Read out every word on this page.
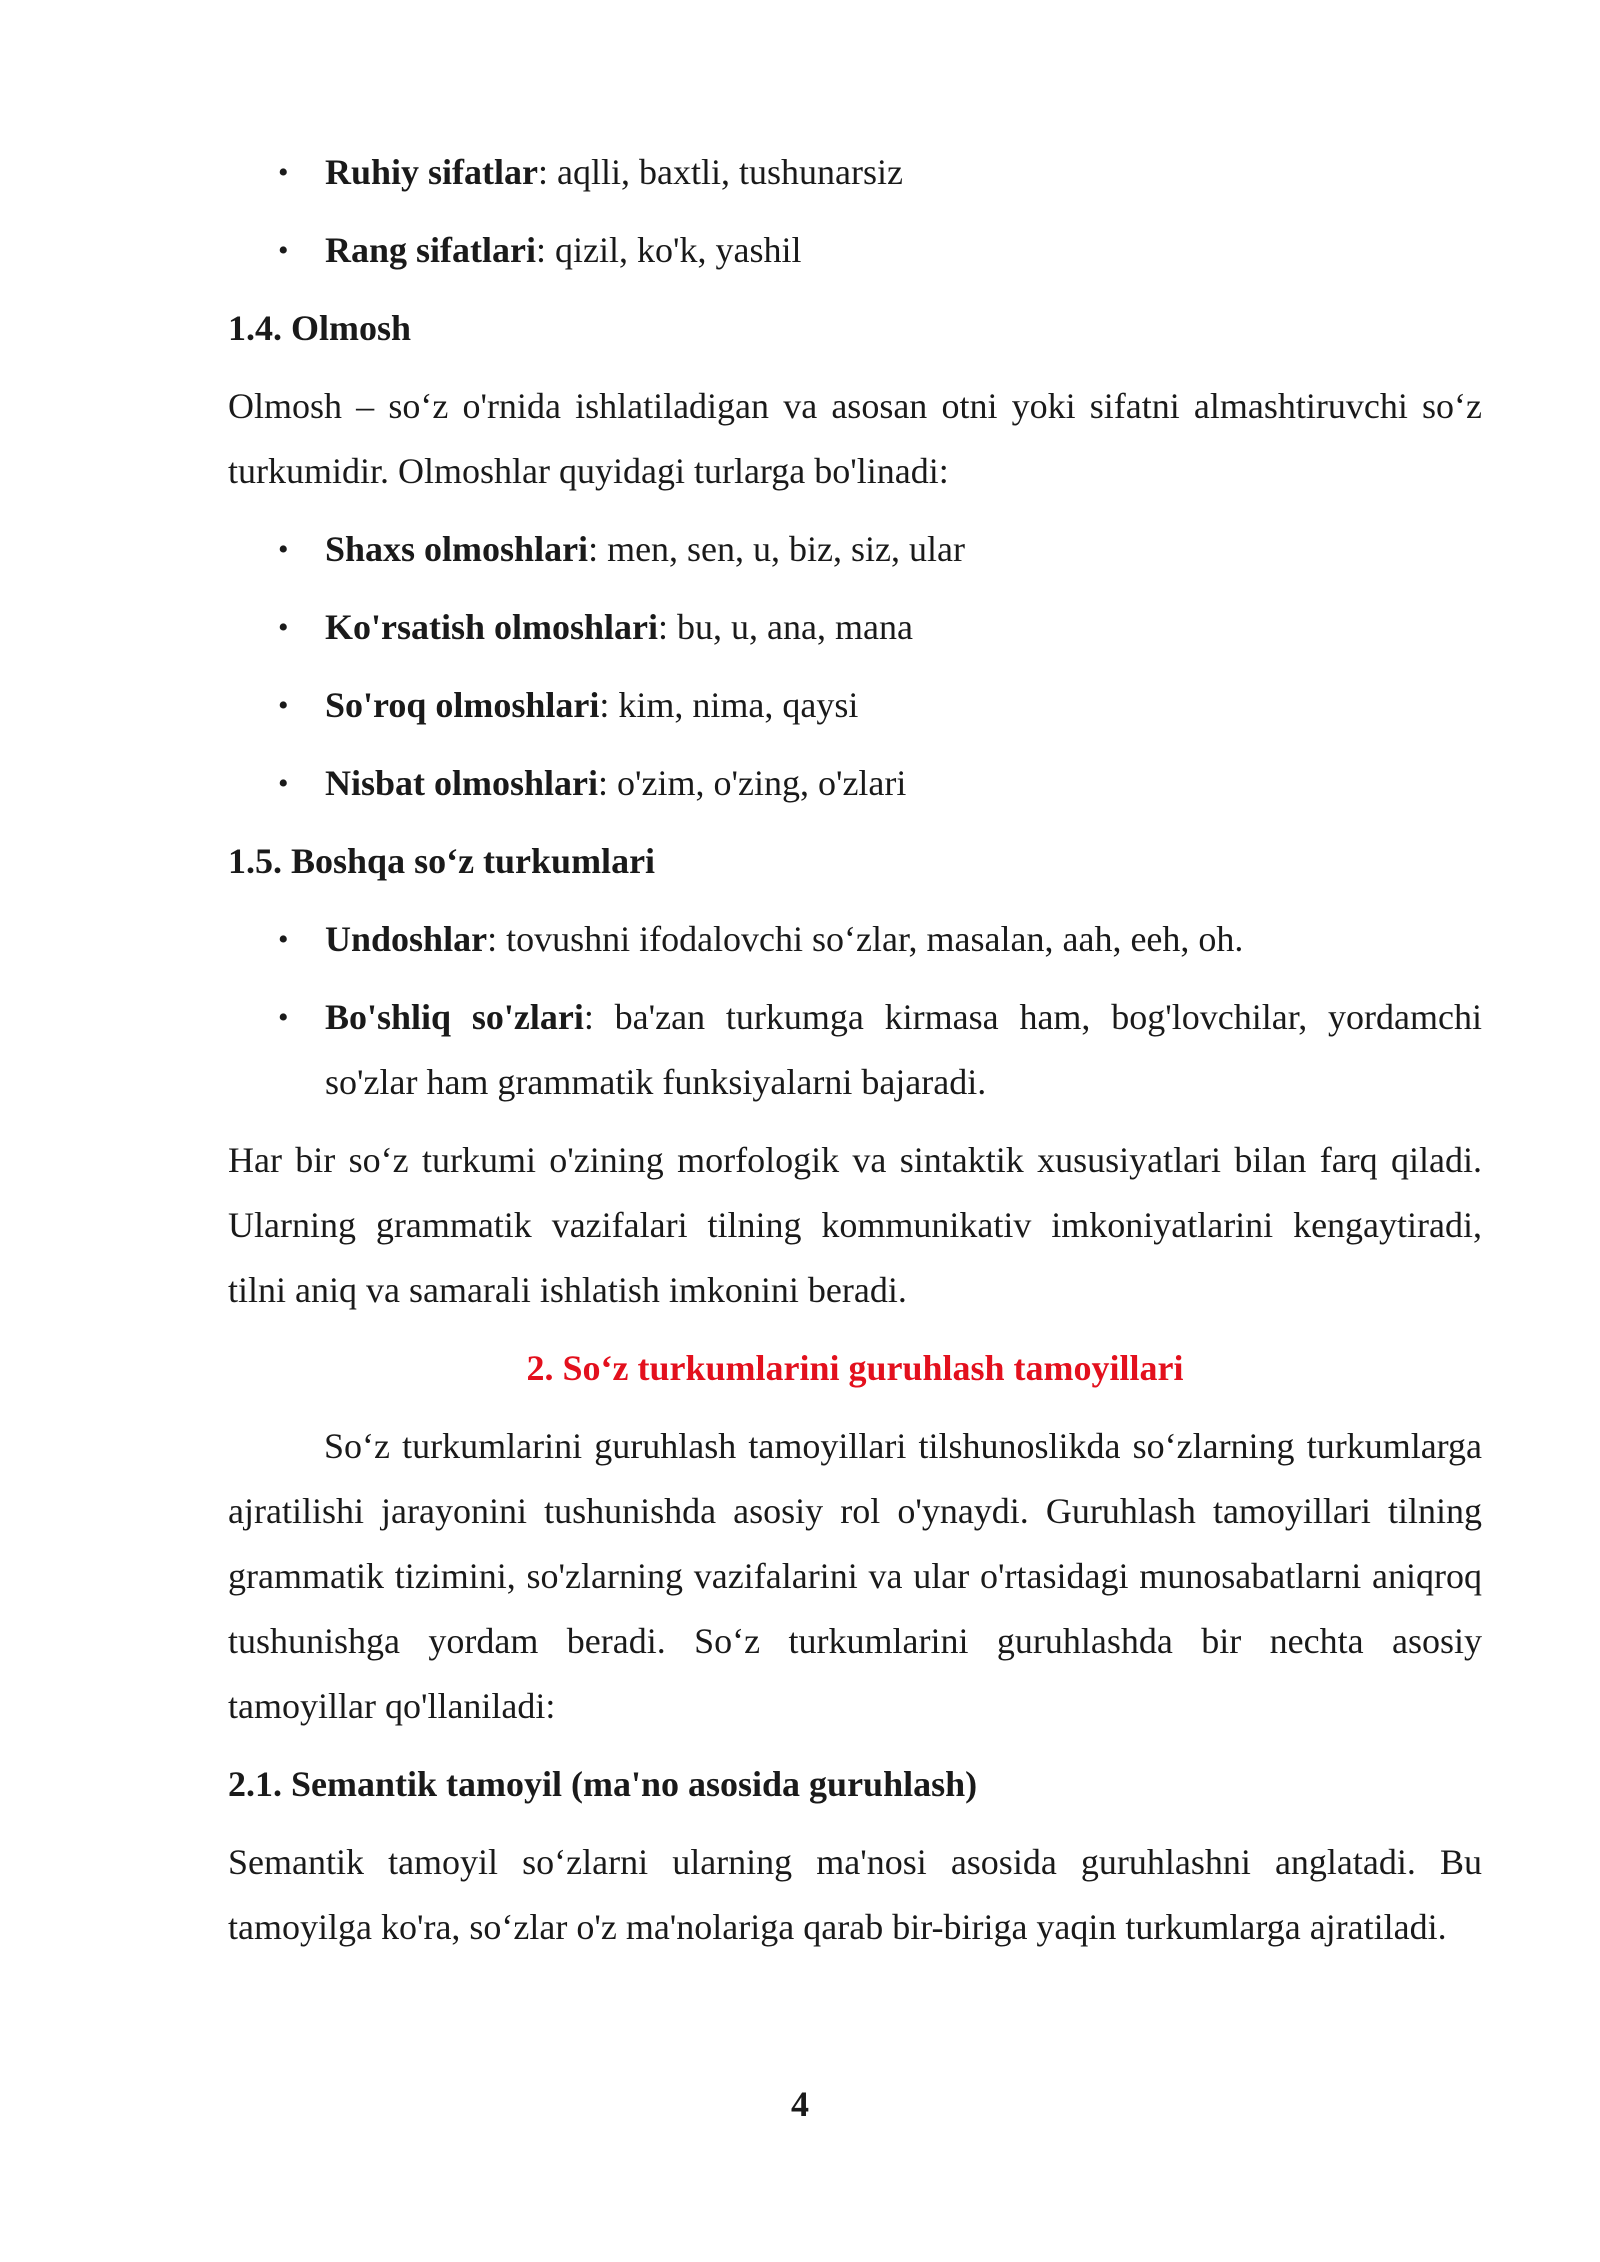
• Ruhiy sifatlar: aqlli, baxtli, tushunarsiz
• Rang sifatlari: qizil, ko'k, yashil
1.4. Olmosh

Olmosh – so‘z o'rnida ishlatiladigan va asosan otni yoki sifatni almashtiruvchi so‘z turkumidir. Olmoshlar quyidagi turlarga bo'linadi:

• Shaxs olmoshlari: men, sen, u, biz, siz, ular
• Ko'rsatish olmoshlari: bu, u, ana, mana
• So'roq olmoshlari: kim, nima, qaysi
• Nisbat olmoshlari: o'zim, o'zing, o'zlari
1.5. Boshqa so‘z turkumlari
• Undoshlar: tovushni ifodalovchi so‘zlar, masalan, aah, eeh, oh.
• Bo'shliq so'zlari: ba'zan turkumga kirmasa ham, bog'lovchilar, yordamchi so'zlar ham grammatik funksiyalarni bajaradi.

Har bir so‘z turkumi o'zining morfologik va sintaktik xususiyatlari bilan farq qiladi. Ularning grammatik vazifalari tilning kommunikativ imkoniyatlarini kengaytiradi, tilni aniq va samarali ishlatish imkonini beradi.

2. So‘z turkumlarini guruhlash tamoyillari

So‘z turkumlarini guruhlash tamoyillari tilshunoslikda so‘zlarning turkumlarga ajratilishi jarayonini tushunishda asosiy rol o'ynaydi. Guruhlash tamoyillari tilning grammatik tizimini, so'zlarning vazifalarini va ular o'rtasidagi munosabatlarni aniqroq tushunishga yordam beradi. So‘z turkumlarini guruhlashda bir nechta asosiy tamoyillar qo'llaniladi:

2.1. Semantik tamoyil (ma'no asosida guruhlash)

Semantik tamoyil so‘zlarni ularning ma'nosi asosida guruhlashni anglatadi. Bu tamoyilga ko'ra, so‘zlar o'z ma'nolariga qarab bir-biriga yaqin turkumlarga ajratiladi.

4
